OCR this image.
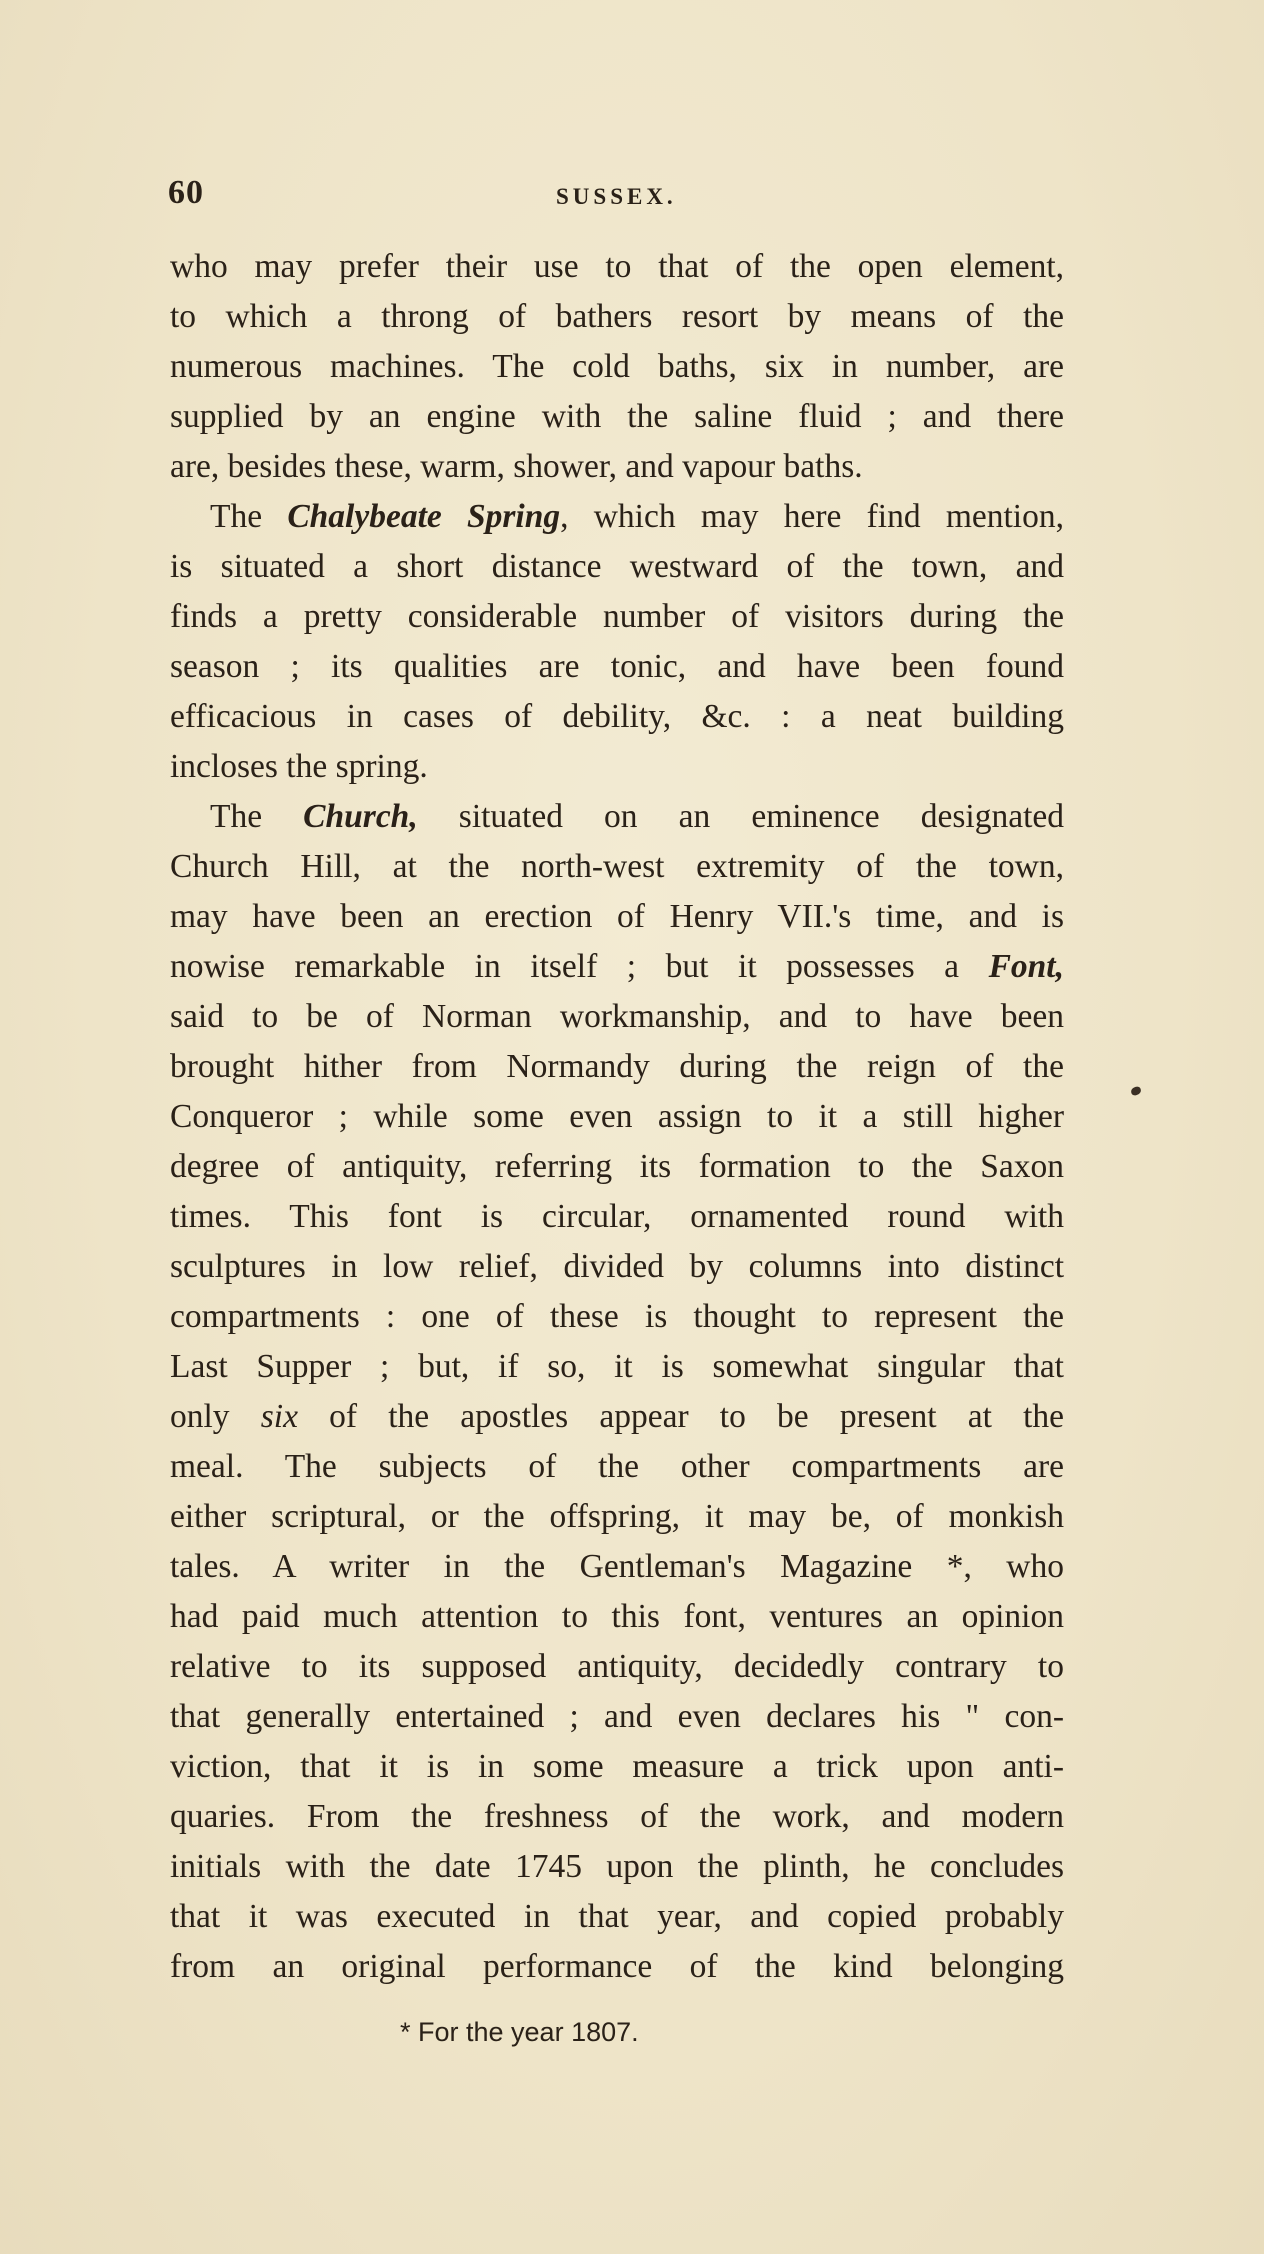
60	SUSSEX.
who may prefer their use to that of the open element,
to which a throng of bathers resort by means of the
numerous machines. The cold baths, six in number, are
supplied by an engine with the saline fluid ; and there
are, besides these, warm, shower, and vapour baths.
The Chalybeate Spring, which may here find mention,
is situated a short distance westward of the town, and
finds a pretty considerable number of visitors during the
season ; its qualities are tonic, and have been found
efficacious in cases of debility, &c. : a neat building
incloses the spring.
The Church, situated on an eminence designated
Church Hill, at the north-west extremity of the town,
may have been an erection of Henry VII.'s time, and is
nowise remarkable in itself ; but it possesses a Font,
said to be of Norman workmanship, and to have been
brought hither from Normandy during the reign of the
Conqueror ; while some even assign to it a still higher
degree of antiquity, referring its formation to the Saxon
times. This font is circular, ornamented round with
sculptures in low relief, divided by columns into distinct
compartments : one of these is thought to represent the
Last Supper ; but, if so, it is somewhat singular that
only six of the apostles appear to be present at the
meal. The subjects of the other compartments are
either scriptural, or the offspring, it may be, of monkish
tales. A writer in the Gentleman's Magazine *, who
had paid much attention to this font, ventures an opinion
relative to its supposed antiquity, decidedly contrary to
that generally entertained ; and even declares his " con-
viction, that it is in some measure a trick upon anti-
quaries. From the freshness of the work, and modern
initials with the date 1745 upon the plinth, he concludes
that it was executed in that year, and copied probably
from an original performance of the kind belonging
* For the year 1807.
